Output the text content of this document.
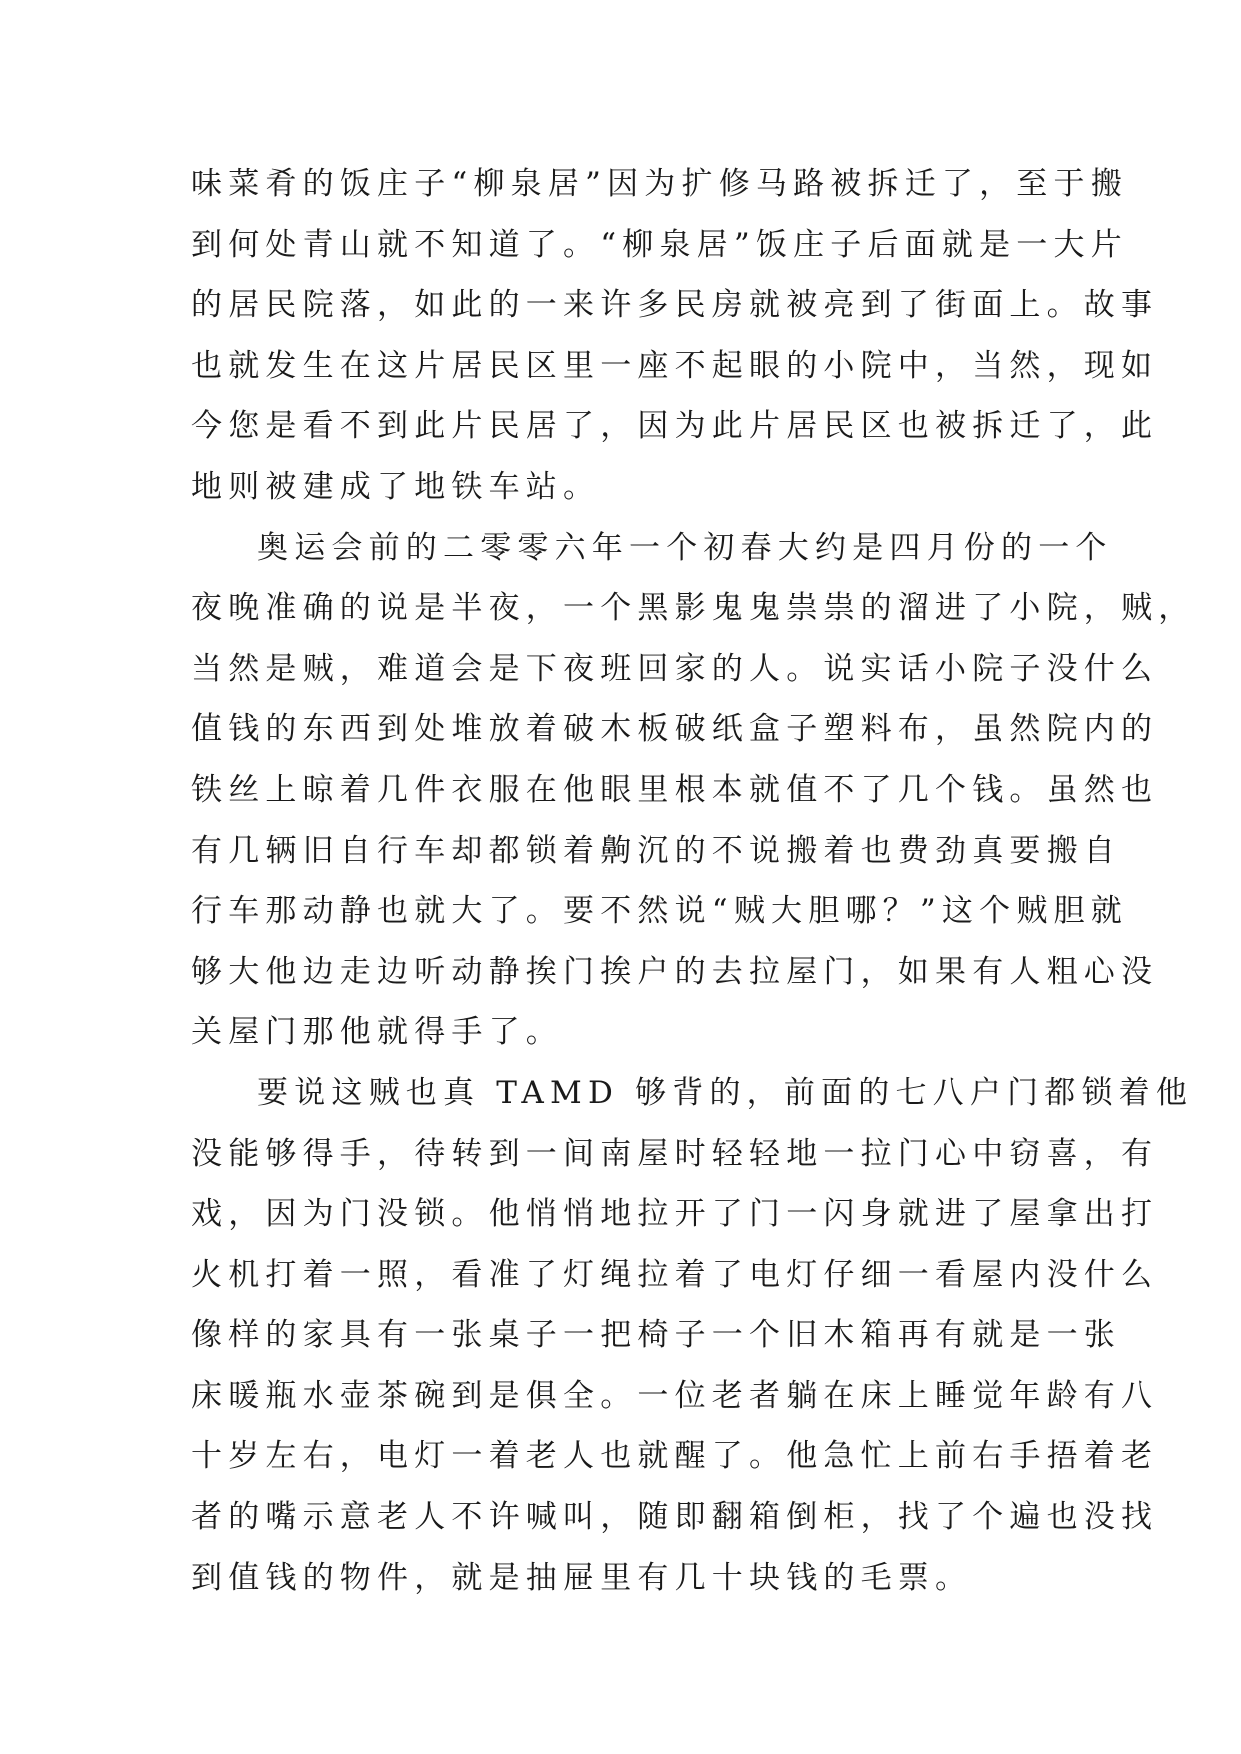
味菜肴的饭庄子“柳泉居”因为扩修马路被拆迁了，至于搬
到何处青山就不知道了。“柳泉居”饭庄子后面就是一大片
的居民院落，如此的一来许多民房就被亮到了街面上。故事
也就发生在这片居民区里一座不起眼的小院中，当然，现如
今您是看不到此片民居了，因为此片居民区也被拆迁了，此
地则被建成了地铁车站。
奥运会前的二零零六年一个初春大约是四月份的一个
夜晚准确的说是半夜，一个黑影鬼鬼祟祟的溜进了小院，贼，
当然是贼，难道会是下夜班回家的人。说实话小院子没什么
值钱的东西到处堆放着破木板破纸盒子塑料布，虽然院内的
铁丝上晾着几件衣服在他眼里根本就值不了几个钱。虽然也
有几辆旧自行车却都锁着齁沉的不说搬着也费劲真要搬自
行车那动静也就大了。要不然说“贼大胆哪？”这个贼胆就
够大他边走边听动静挨门挨户的去拉屋门，如果有人粗心没
关屋门那他就得手了。
要说这贼也真 TAMD 够背的，前面的七八户门都锁着他
没能够得手，待转到一间南屋时轻轻地一拉门心中窃喜，有
戏，因为门没锁。他悄悄地拉开了门一闪身就进了屋拿出打
火机打着一照，看准了灯绳拉着了电灯仔细一看屋内没什么
像样的家具有一张桌子一把椅子一个旧木箱再有就是一张
床暖瓶水壶茶碗到是俱全。一位老者躺在床上睡觉年龄有八
十岁左右，电灯一着老人也就醒了。他急忙上前右手捂着老
者的嘴示意老人不许喊叫，随即翻箱倒柜，找了个遍也没找
到值钱的物件，就是抽屉里有几十块钱的毛票。
